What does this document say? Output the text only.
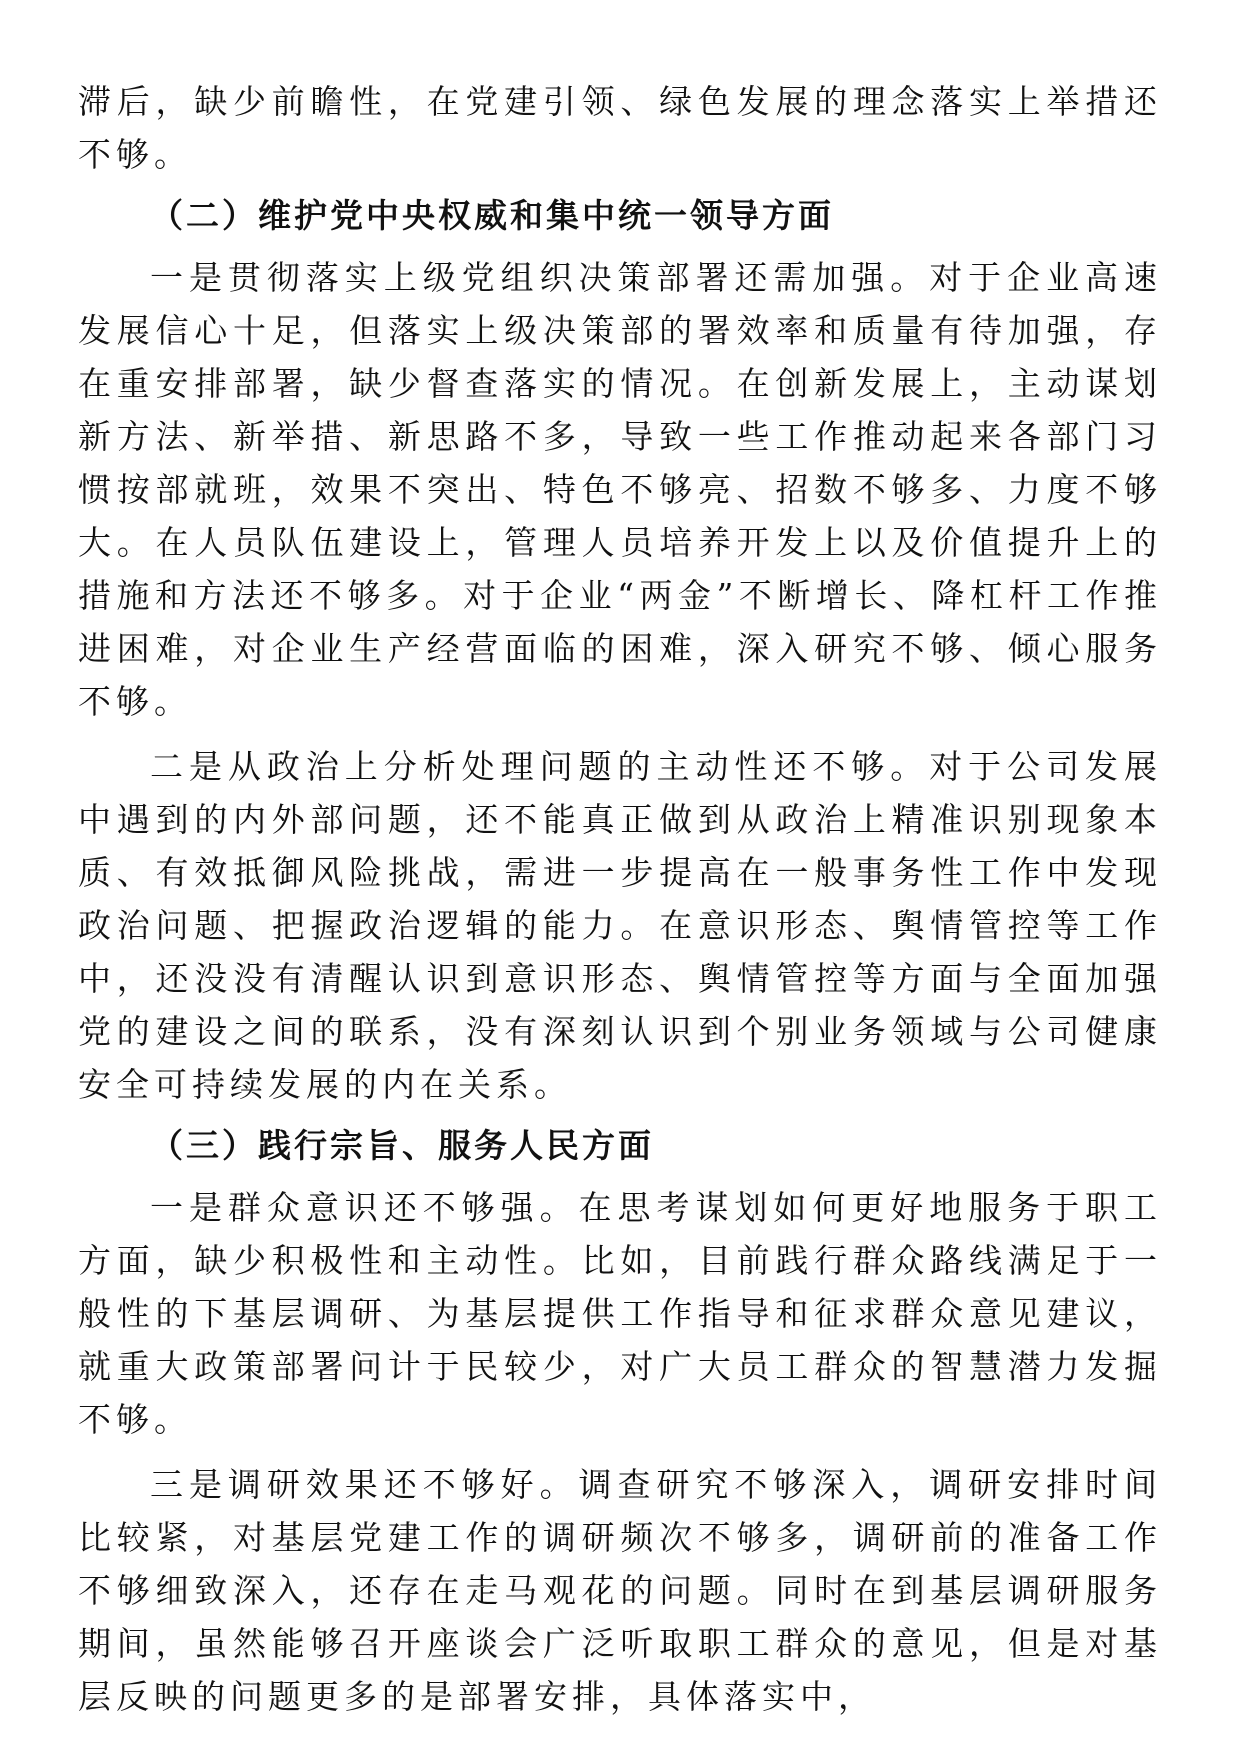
滞后，缺少前瞻性，在党建引领、绿色发展的理念落实上举措还不够。

（二）维护党中央权威和集中统一领导方面

一是贯彻落实上级党组织决策部署还需加强。对于企业高速发展信心十足，但落实上级决策部的署效率和质量有待加强，存在重安排部署，缺少督查落实的情况。在创新发展上，主动谋划新方法、新举措、新思路不多，导致一些工作推动起来各部门习惯按部就班，效果不突出、特色不够亮、招数不够多、力度不够大。在人员队伍建设上，管理人员培养开发上以及价值提升上的措施和方法还不够多。对于企业“两金”不断增长、降杠杆工作推进困难，对企业生产经营面临的困难，深入研究不够、倾心服务不够。

二是从政治上分析处理问题的主动性还不够。对于公司发展中遇到的内外部问题，还不能真正做到从政治上精准识别现象本质、有效抵御风险挑战，需进一步提高在一般事务性工作中发现政治问题、把握政治逻辑的能力。在意识形态、舆情管控等工作中，还没没有清醒认识到意识形态、舆情管控等方面与全面加强党的建设之间的联系，没有深刻认识到个别业务领域与公司健康安全可持续发展的内在关系。

（三）践行宗旨、服务人民方面

一是群众意识还不够强。在思考谋划如何更好地服务于职工方面，缺少积极性和主动性。比如，目前践行群众路线满足于一般性的下基层调研、为基层提供工作指导和征求群众意见建议，就重大政策部署问计于民较少，对广大员工群众的智慧潜力发掘不够。

三是调研效果还不够好。调查研究不够深入，调研安排时间比较紧，对基层党建工作的调研频次不够多，调研前的准备工作不够细致深入，还存在走马观花的问题。同时在到基层调研服务期间，虽然能够召开座谈会广泛听取职工群众的意见，但是对基层反映的问题更多的是部署安排，具体落实中，
